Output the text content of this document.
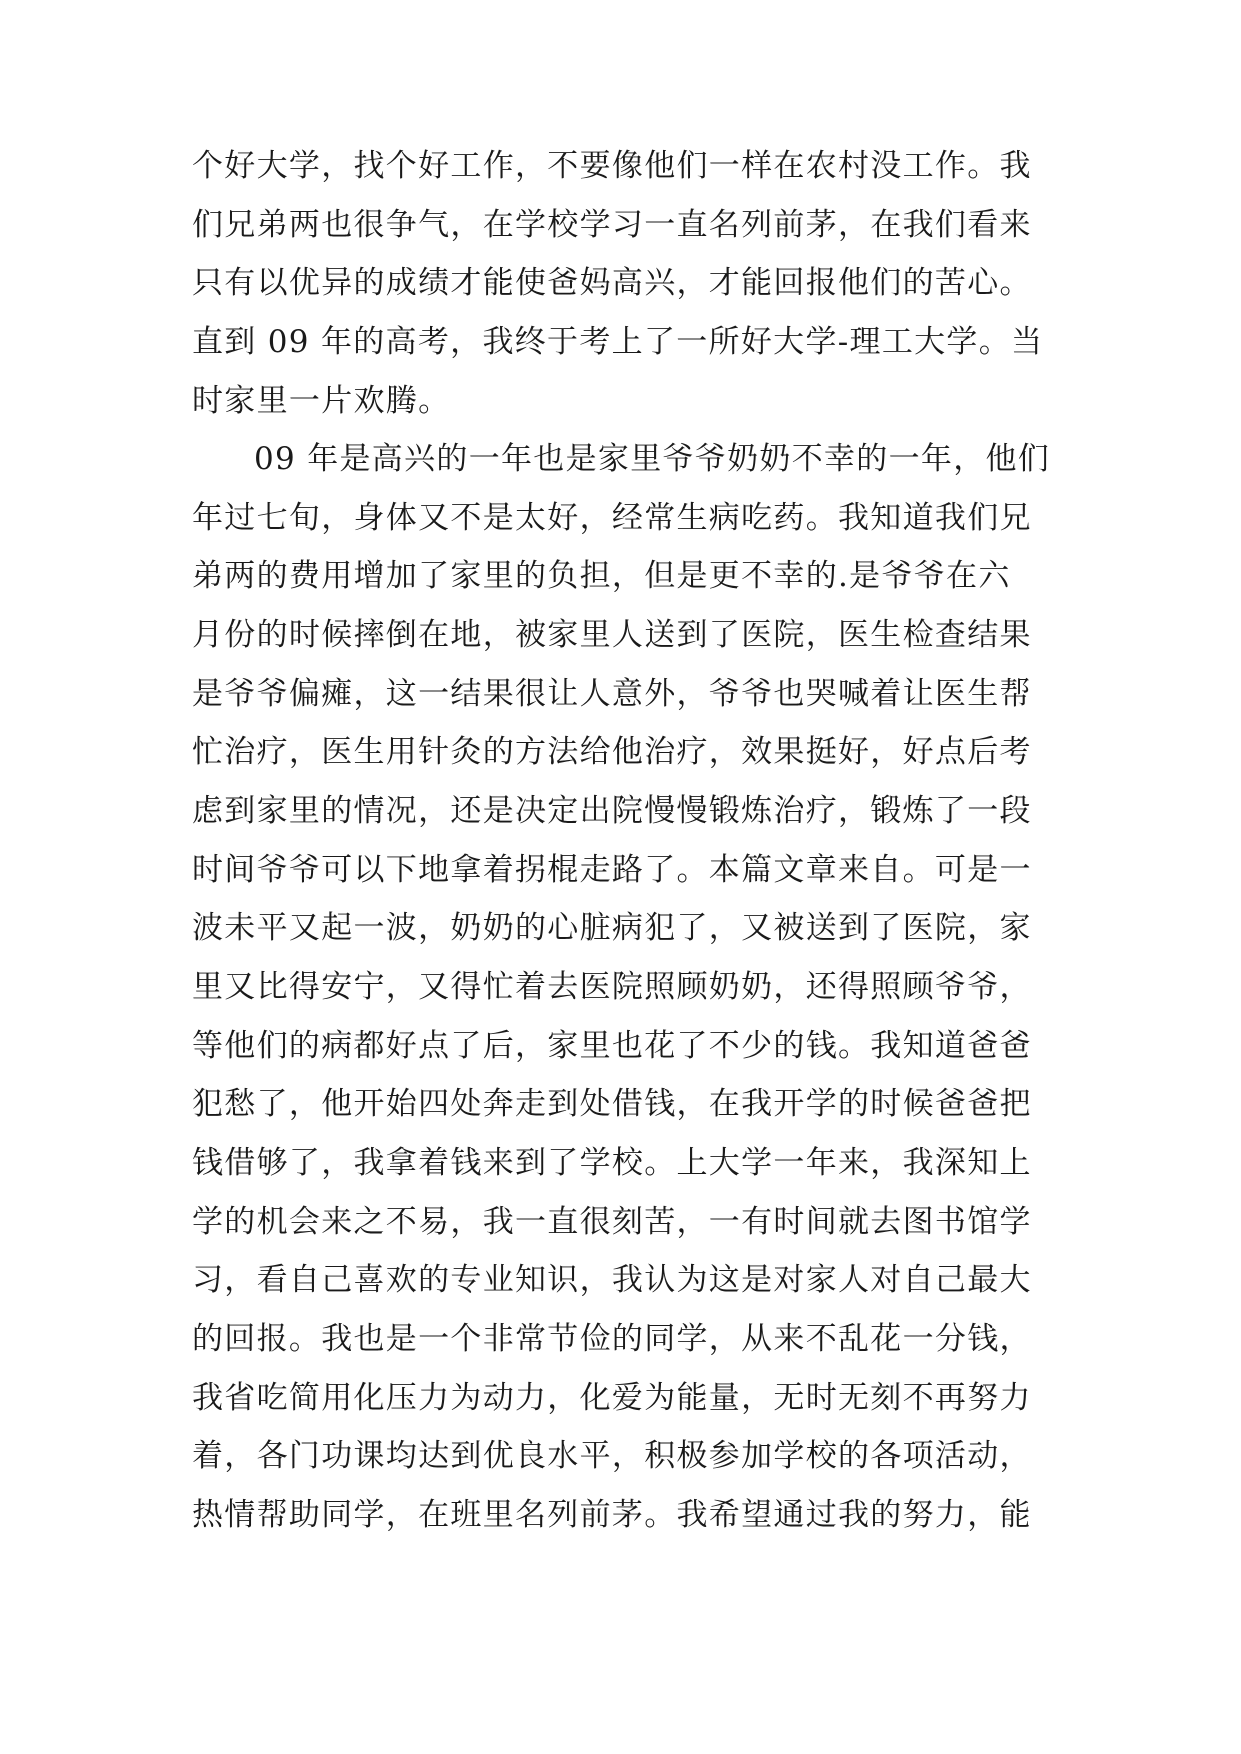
个好大学，找个好工作，不要像他们一样在农村没工作。我
们兄弟两也很争气，在学校学习一直名列前茅，在我们看来
只有以优异的成绩才能使爸妈高兴，才能回报他们的苦心。
直到 09 年的高考，我终于考上了一所好大学-理工大学。当
时家里一片欢腾。
09 年是高兴的一年也是家里爷爷奶奶不幸的一年，他们
年过七旬，身体又不是太好，经常生病吃药。我知道我们兄
弟两的费用增加了家里的负担，但是更不幸的.是爷爷在六
月份的时候摔倒在地，被家里人送到了医院，医生检查结果
是爷爷偏瘫，这一结果很让人意外，爷爷也哭喊着让医生帮
忙治疗，医生用针灸的方法给他治疗，效果挺好，好点后考
虑到家里的情况，还是决定出院慢慢锻炼治疗，锻炼了一段
时间爷爷可以下地拿着拐棍走路了。本篇文章来自。可是一
波未平又起一波，奶奶的心脏病犯了，又被送到了医院，家
里又比得安宁，又得忙着去医院照顾奶奶，还得照顾爷爷，
等他们的病都好点了后，家里也花了不少的钱。我知道爸爸
犯愁了，他开始四处奔走到处借钱，在我开学的时候爸爸把
钱借够了，我拿着钱来到了学校。上大学一年来，我深知上
学的机会来之不易，我一直很刻苦，一有时间就去图书馆学
习，看自己喜欢的专业知识，我认为这是对家人对自己最大
的回报。我也是一个非常节俭的同学，从来不乱花一分钱，
我省吃简用化压力为动力，化爱为能量，无时无刻不再努力
着，各门功课均达到优良水平，积极参加学校的各项活动，
热情帮助同学，在班里名列前茅。我希望通过我的努力，能
